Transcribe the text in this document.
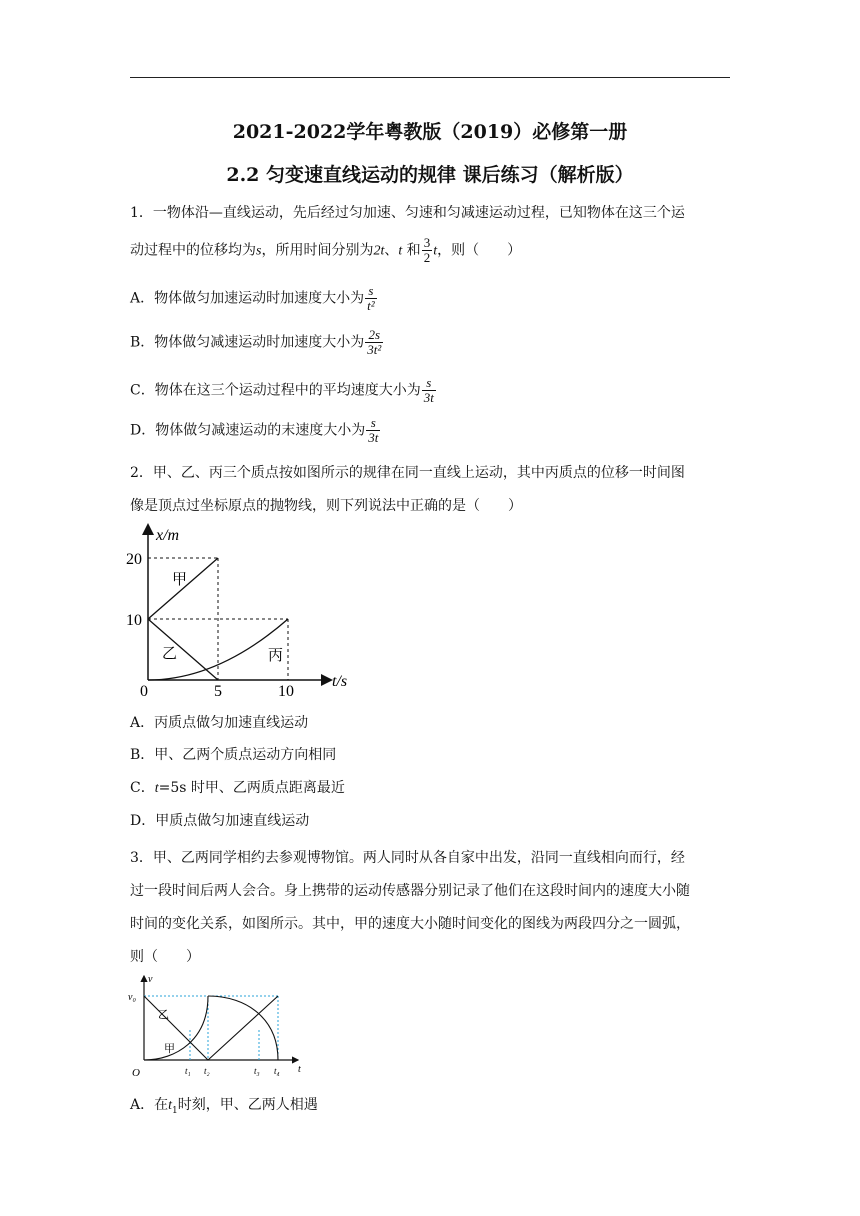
2021-2022学年粤教版（2019）必修第一册
2.2 匀变速直线运动的规律 课后练习（解析版）
1．一物体沿—直线运动，先后经过匀加速、匀速和匀减速运动过程，已知物体在这三个运
动过程中的位移均为s，所用时间分别为2t、t 和 $\frac{3}{2}$ t，则（　　）
A．物体做匀加速运动时加速度大小为 $\frac{s}{\text{t²}}$
B．物体做匀减速运动时加速度大小为 $\frac{2s}{\text{3t²}}$
C．物体在这三个运动过程中的平均速度大小为 $\frac{s}{3t}$
D．物体做匀减速运动的末速度大小为 $\frac{s}{3t}$
2．甲、乙、丙三个质点按如图所示的规律在同一直线上运动，其中丙质点的位移一时间图
像是顶点过坐标原点的抛物线，则下列说法中正确的是（　　）
x/m
t/s
20
10
0	5	10
甲
乙	丙
A．丙质点做匀加速直线运动
B．甲、乙两个质点运动方向相同
C．t=5s 时甲、乙两质点距离最近
D．甲质点做匀加速直线运动
3．甲、乙两同学相约去参观博物馆。两人同时从各自家中出发，沿同一直线相向而行，经
过一段时间后两人会合。身上携带的运动传感器分别记录了他们在这段时间内的速度大小随
时间的变化关系，如图所示。其中，甲的速度大小随时间变化的图线为两段四分之一圆弧，
则（　　）
v
t
v₀
O	t₁ t₂	t₃ t₄
乙
甲
A．在$t_1$时刻，甲、乙两人相遇
